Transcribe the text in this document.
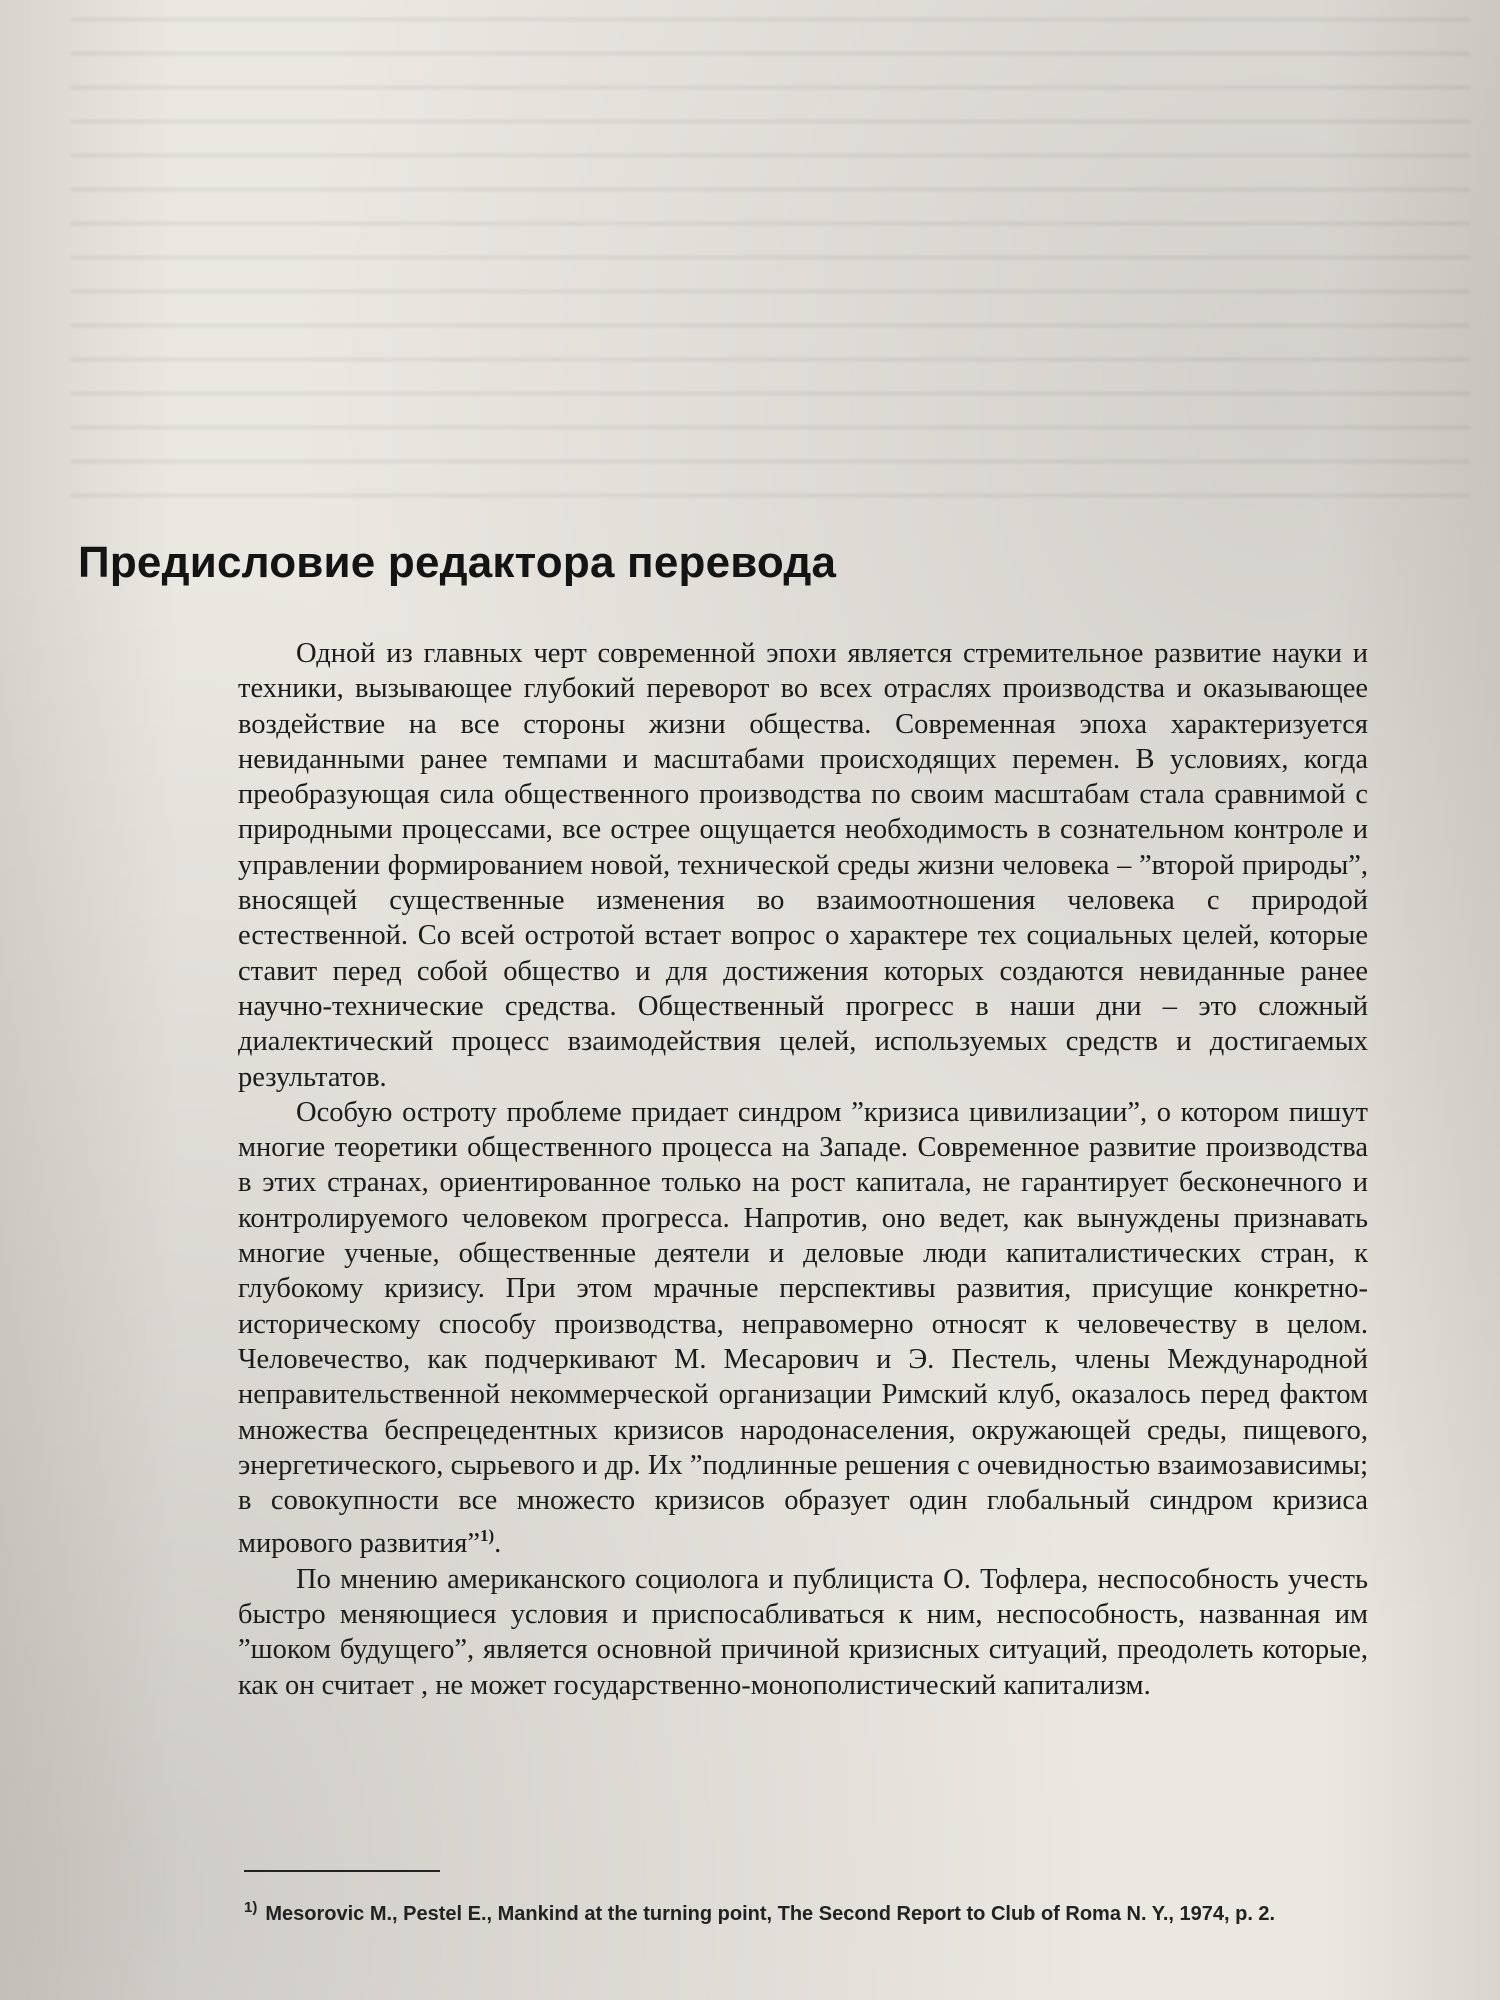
Предисловие редактора перевода

Одной из главных черт современной эпохи является стремительное развитие науки и техники, вызывающее глубокий переворот во всех отраслях производства и оказывающее воздействие на все стороны жизни общества. Современная эпоха характеризуется невиданными ранее темпами и масштабами происходящих перемен. В условиях, когда преобразующая сила общественного производства по своим масштабам стала сравнимой с природными процессами, все острее ощущается необходимость в сознательном контроле и управлении формированием новой, технической среды жизни человека – ”второй природы”, вносящей существенные изменения во взаимоотношения человека с природой естественной. Со всей остротой встает вопрос о характере тех социальных целей, которые ставит перед собой общество и для достижения которых создаются невиданные ранее научно-технические средства. Общественный прогресс в наши дни – это сложный диалектический процесс взаимодействия целей, используемых средств и достигаемых результатов.

Особую остроту проблеме придает синдром ”кризиса цивилизации”, о котором пишут многие теоретики общественного процесса на Западе. Современное развитие производства в этих странах, ориентированное только на рост капитала, не гарантирует бесконечного и контролируемого человеком прогресса. Напротив, оно ведет, как вынуждены признавать многие ученые, общественные деятели и деловые люди капиталистических стран, к глубокому кризису. При этом мрачные перспективы развития, присущие конкретно-историческому способу производства, неправомерно относят к человечеству в целом. Человечество, как подчеркивают М. Месарович и Э. Пестель, члены Международной неправительственной некоммерческой организации Римский клуб, оказалось перед фактом множества беспрецедентных кризисов народонаселения, окружающей среды, пищевого, энергетического, сырьевого и др. Их ”подлинные решения с очевидностью взаимозависимы; в совокупности все множесто кризисов образует один глобальный синдром кризиса мирового развития”$^{1)}$.

По мнению американского социолога и публициста О. Тофлера, неспособность учесть быстро меняющиеся условия и приспосабливаться к ним, неспособность, названная им ”шоком будущего”, является основной причиной кризисных ситуаций, преодолеть которые, как он считает , не может государственно-монополистический капитализм.

$^{1)}$ Mesorovic M., Pestel E., Mankind at the turning point, The Second Report to Club of Roma N. Y., 1974, p. 2.
